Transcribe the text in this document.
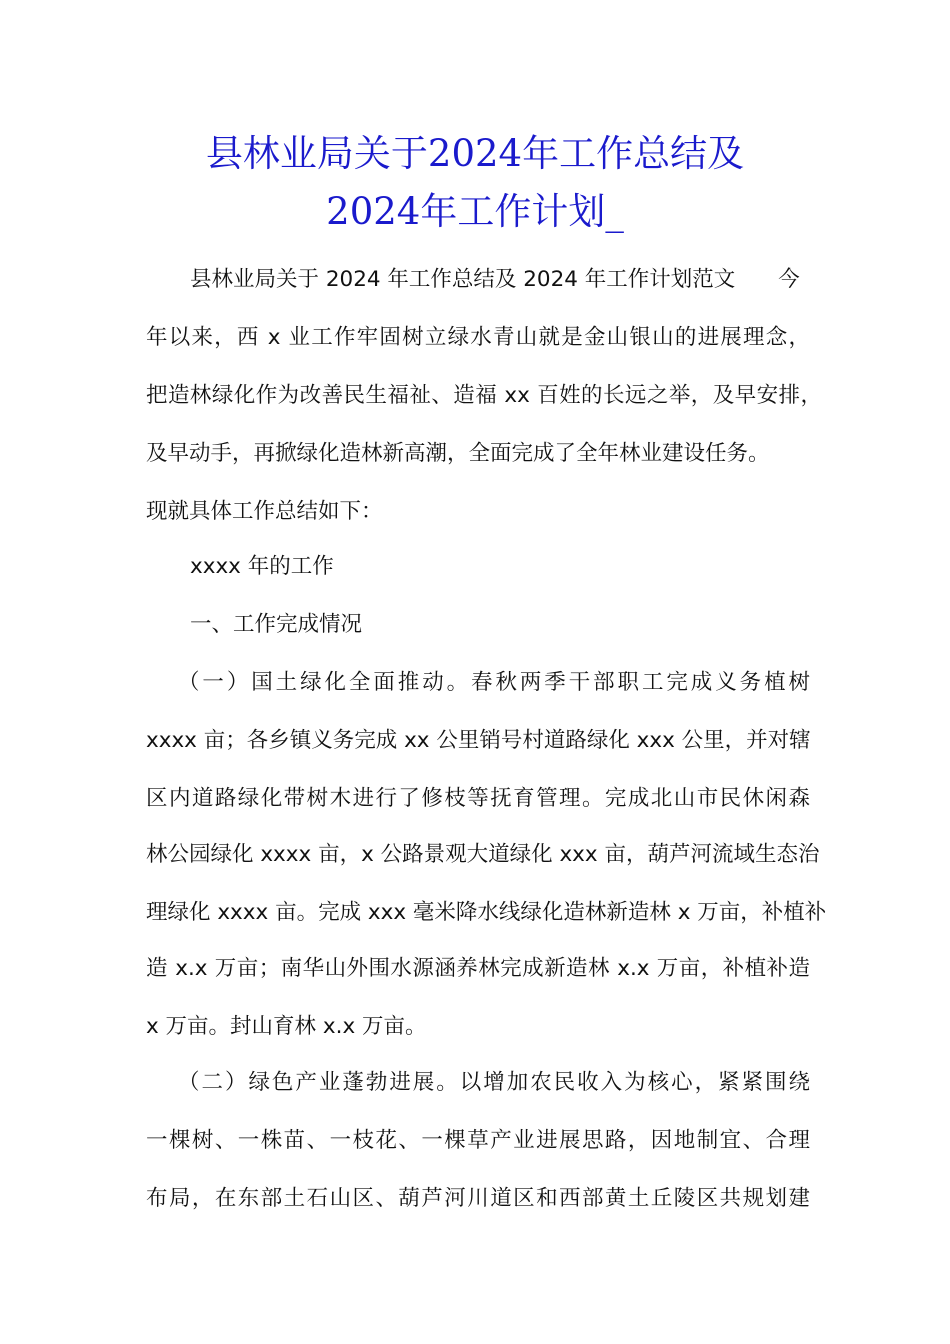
县林业局关于2024年工作总结及
2024年工作计划_
县林业局关于 2024 年工作总结及 2024 年工作计划范文　　今
年以来，西 x 业工作牢固树立绿水青山就是金山银山的进展理念，
把造林绿化作为改善民生福祉、造福 xx 百姓的长远之举，及早安排，
及早动手，再掀绿化造林新高潮，全面完成了全年林业建设任务。
现就具体工作总结如下：
xxxx 年的工作
一、工作完成情况
（一）国土绿化全面推动。春秋两季干部职工完成义务植树
xxxx 亩；各乡镇义务完成 xx 公里销号村道路绿化 xxx 公里，并对辖
区内道路绿化带树木进行了修枝等抚育管理。完成北山市民休闲森
林公园绿化 xxxx 亩，x 公路景观大道绿化 xxx 亩，葫芦河流域生态治
理绿化 xxxx 亩。完成 xxx 毫米降水线绿化造林新造林 x 万亩，补植补
造 x.x 万亩；南华山外围水源涵养林完成新造林 x.x 万亩，补植补造
x 万亩。封山育林 x.x 万亩。
（二）绿色产业蓬勃进展。以增加农民收入为核心，紧紧围绕
一棵树、一株苗、一枝花、一棵草产业进展思路，因地制宜、合理
布局，在东部土石山区、葫芦河川道区和西部黄土丘陵区共规划建
